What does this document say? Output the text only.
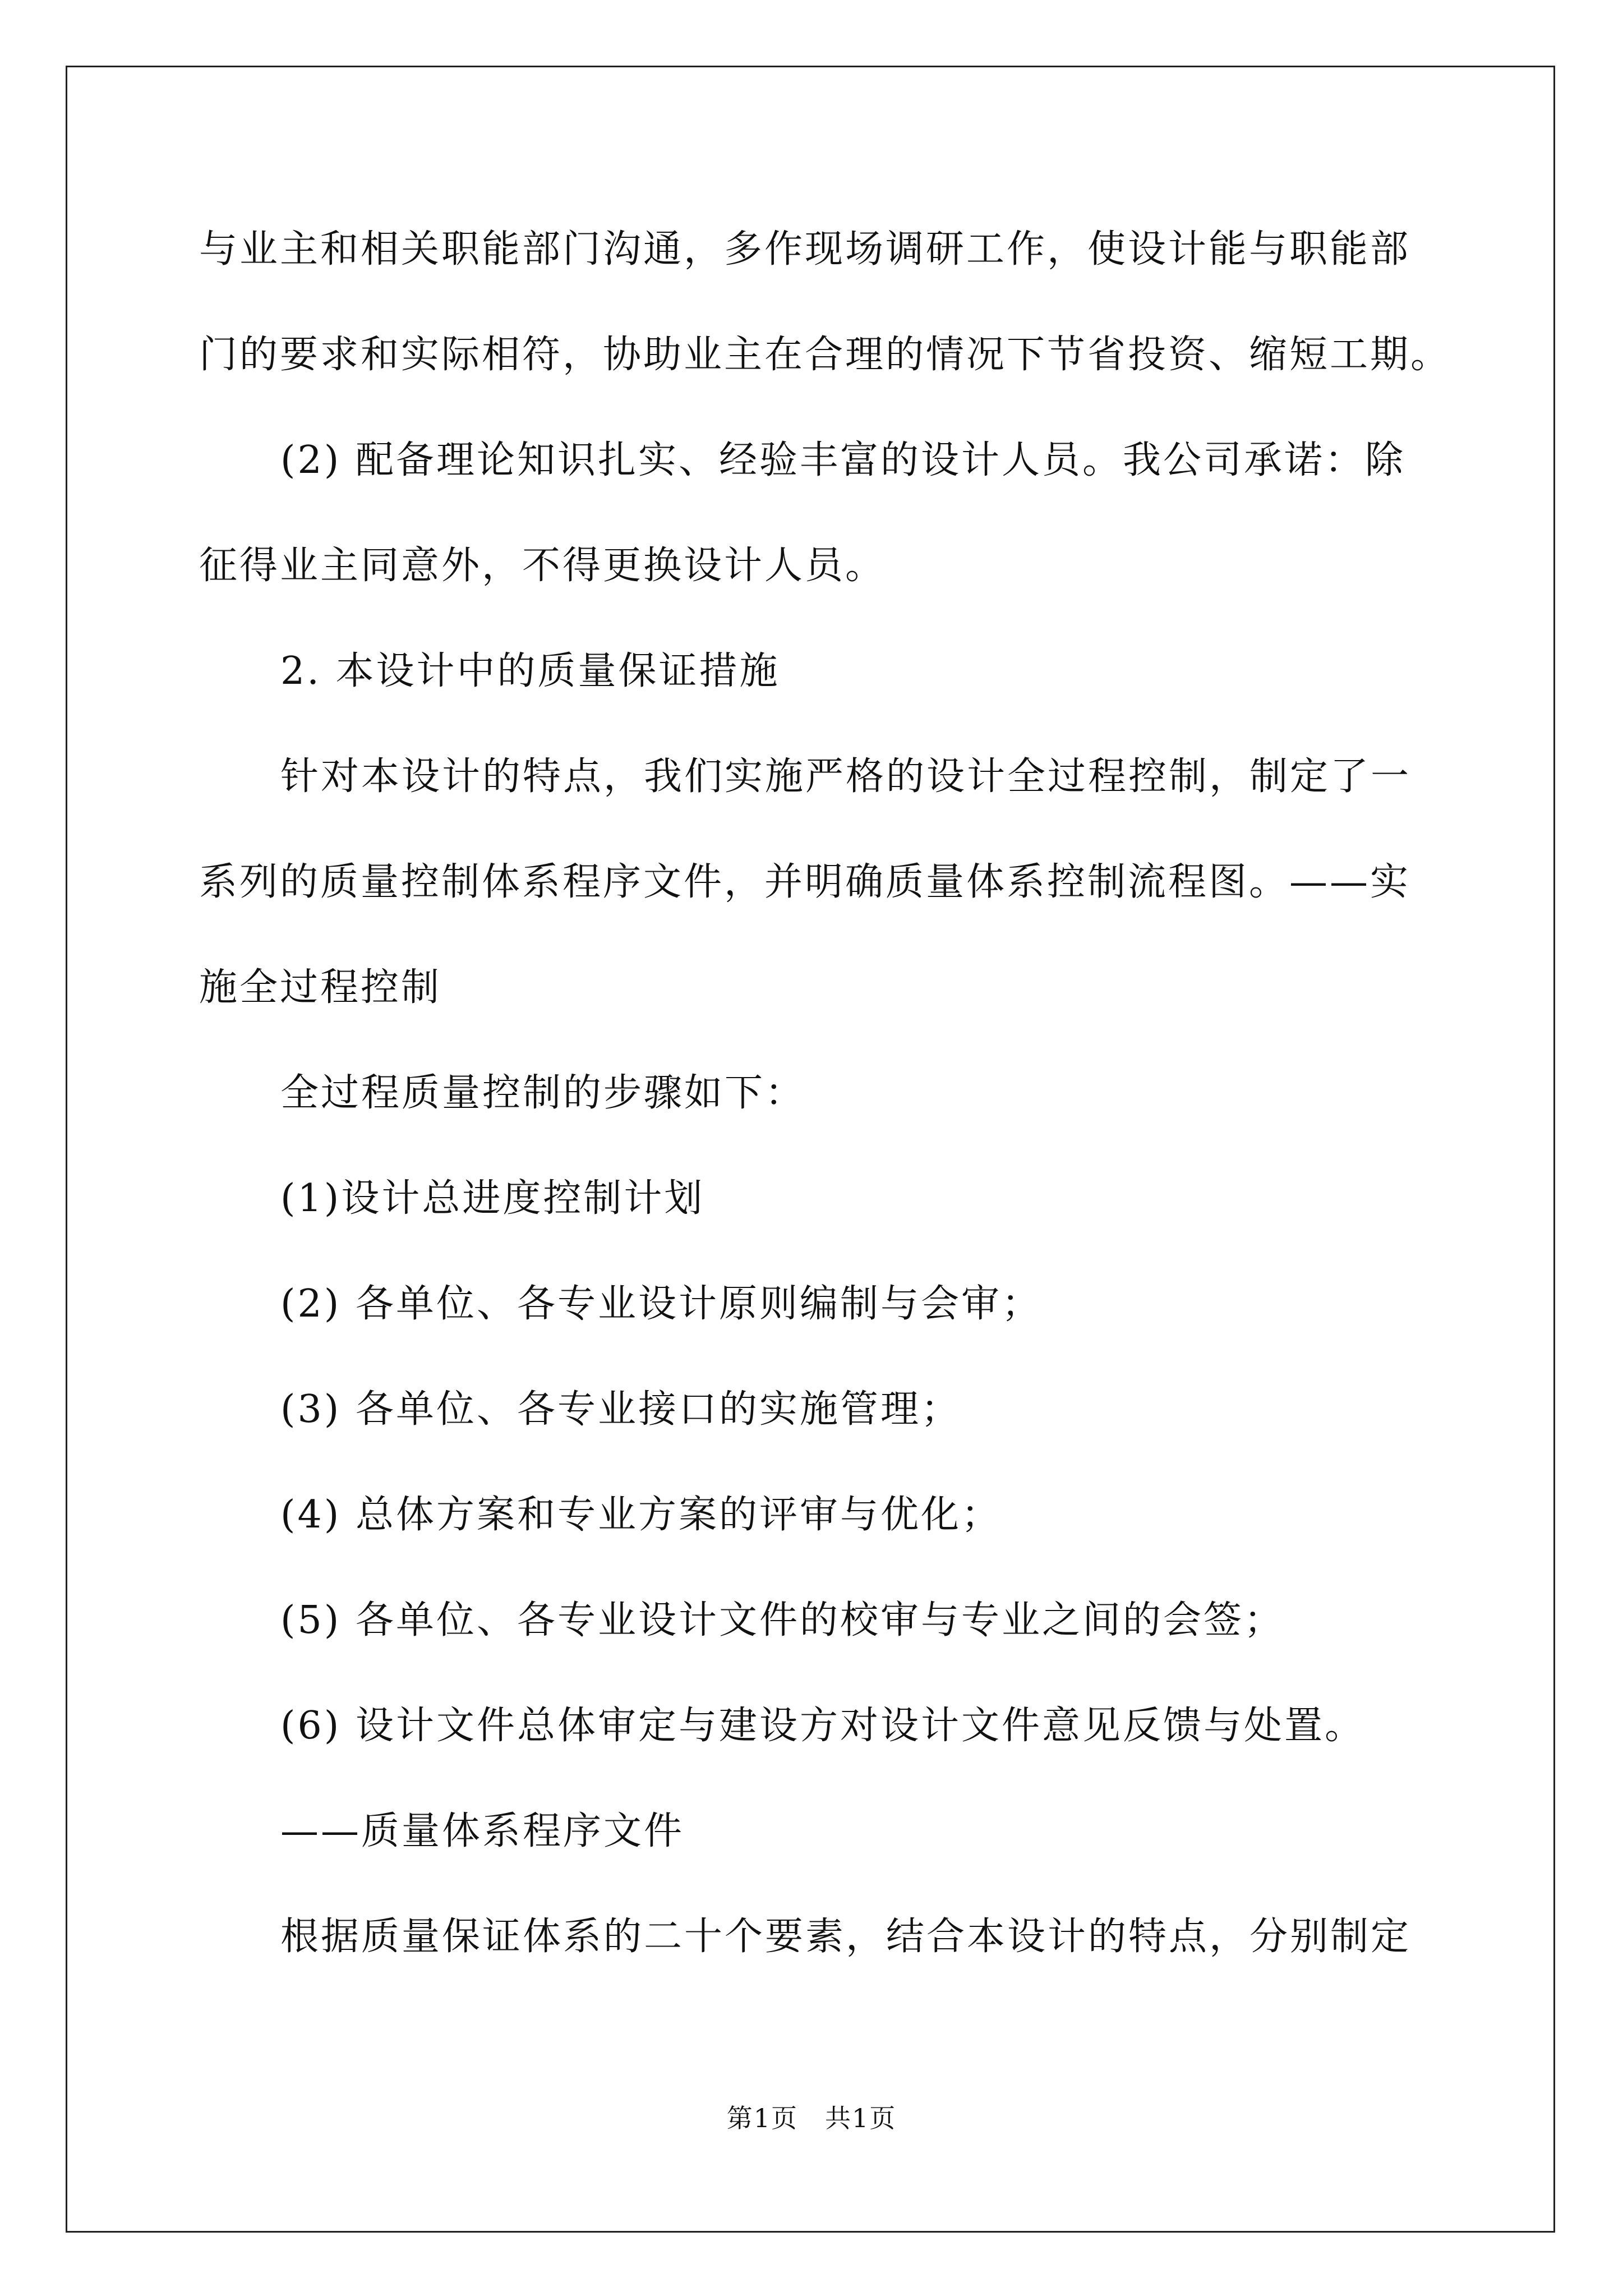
与业主和相关职能部门沟通，多作现场调研工作，使设计能与职能部
门的要求和实际相符，协助业主在合理的情况下节省投资、缩短工期。
(2) 配备理论知识扎实、经验丰富的设计人员。我公司承诺：除
征得业主同意外，不得更换设计人员。
2. 本设计中的质量保证措施
针对本设计的特点，我们实施严格的设计全过程控制，制定了一
系列的质量控制体系程序文件，并明确质量体系控制流程图。——实
施全过程控制
全过程质量控制的步骤如下：
(1)设计总进度控制计划
(2) 各单位、各专业设计原则编制与会审；
(3) 各单位、各专业接口的实施管理；
(4) 总体方案和专业方案的评审与优化；
(5) 各单位、各专业设计文件的校审与专业之间的会签；
(6) 设计文件总体审定与建设方对设计文件意见反馈与处置。
——质量体系程序文件
根据质量保证体系的二十个要素，结合本设计的特点，分别制定
第1页　共1页
